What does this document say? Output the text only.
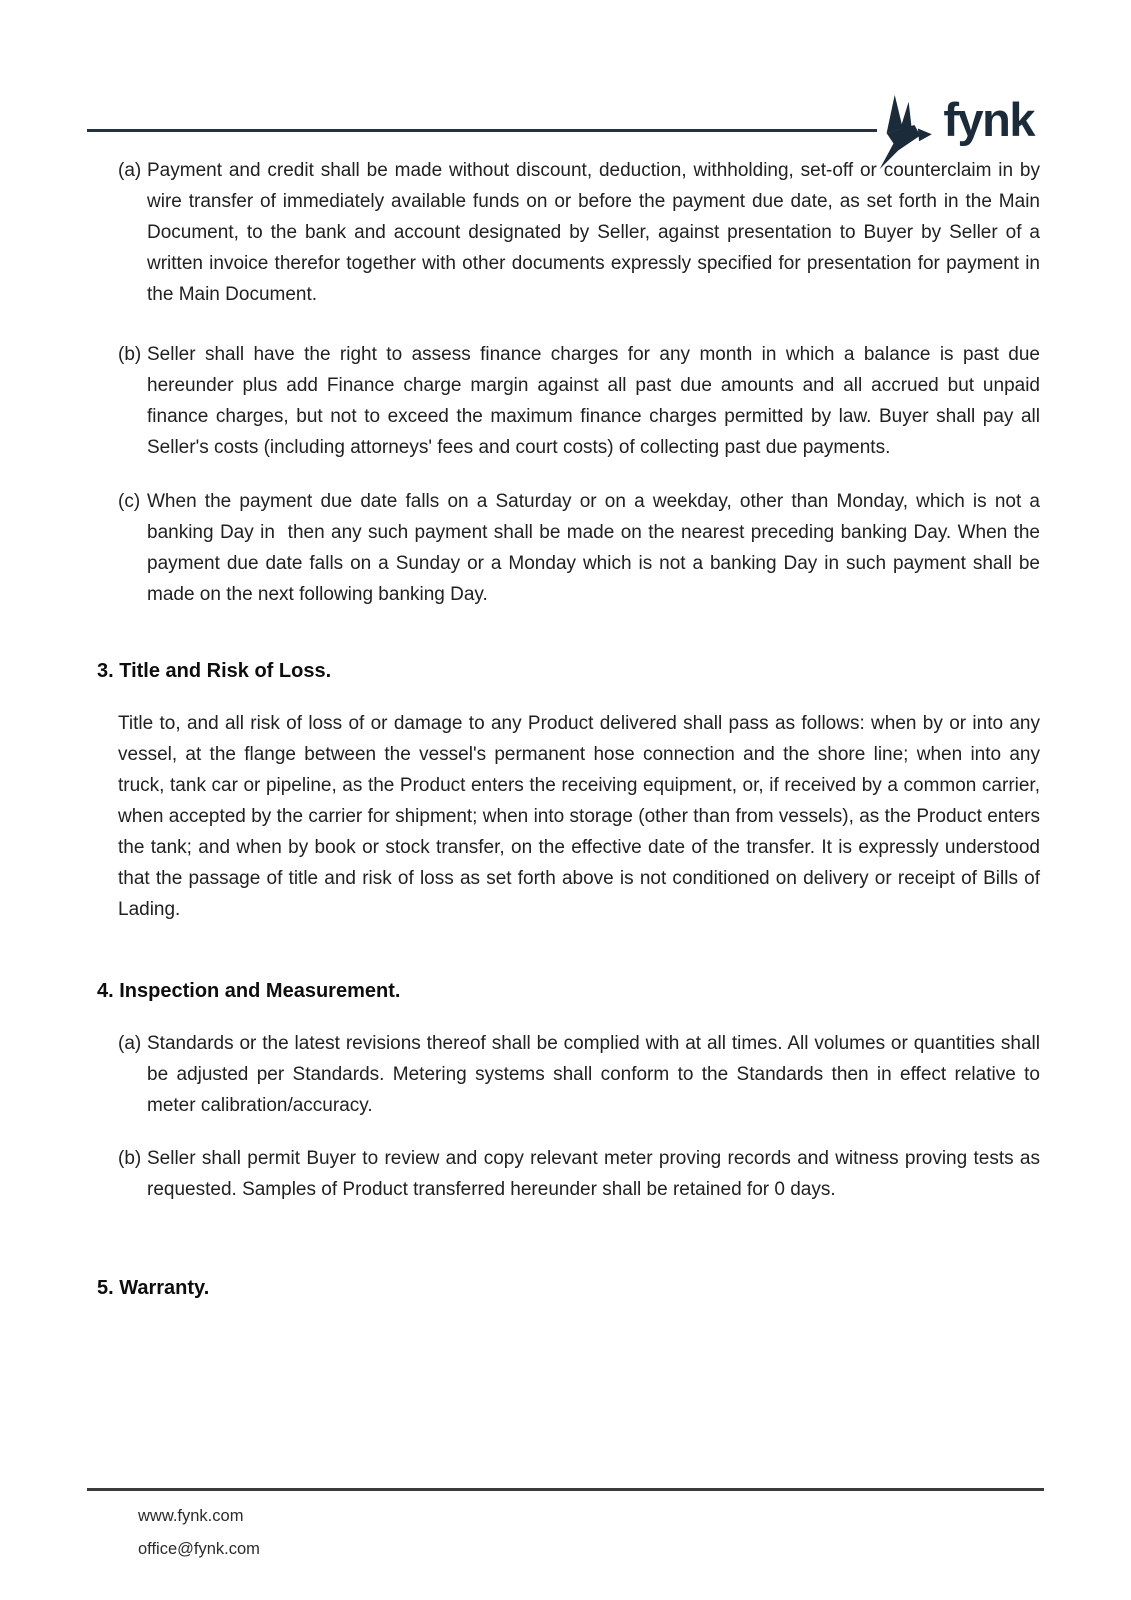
fynk
(a) Payment and credit shall be made without discount, deduction, withholding, set-off or counterclaim in by wire transfer of immediately available funds on or before the payment due date, as set forth in the Main Document, to the bank and account designated by Seller, against presentation to Buyer by Seller of a written invoice therefor together with other documents expressly specified for presentation for payment in the Main Document.
(b) Seller shall have the right to assess finance charges for any month in which a balance is past due hereunder plus add Finance charge margin against all past due amounts and all accrued but unpaid finance charges, but not to exceed the maximum finance charges permitted by law. Buyer shall pay all Seller's costs (including attorneys' fees and court costs) of collecting past due payments.
(c) When the payment due date falls on a Saturday or on a weekday, other than Monday, which is not a banking Day in  then any such payment shall be made on the nearest preceding banking Day. When the payment due date falls on a Sunday or a Monday which is not a banking Day in such payment shall be made on the next following banking Day.
3. Title and Risk of Loss.
Title to, and all risk of loss of or damage to any Product delivered shall pass as follows: when by or into any vessel, at the flange between the vessel's permanent hose connection and the shore line; when into any truck, tank car or pipeline, as the Product enters the receiving equipment, or, if received by a common carrier, when accepted by the carrier for shipment; when into storage (other than from vessels), as the Product enters the tank; and when by book or stock transfer, on the effective date of the transfer. It is expressly understood that the passage of title and risk of loss as set forth above is not conditioned on delivery or receipt of Bills of Lading.
4. Inspection and Measurement.
(a) Standards or the latest revisions thereof shall be complied with at all times. All volumes or quantities shall be adjusted per Standards. Metering systems shall conform to the Standards then in effect relative to meter calibration/accuracy.
(b) Seller shall permit Buyer to review and copy relevant meter proving records and witness proving tests as requested. Samples of Product transferred hereunder shall be retained for 0 days.
5. Warranty.
www.fynk.com
office@fynk.com
